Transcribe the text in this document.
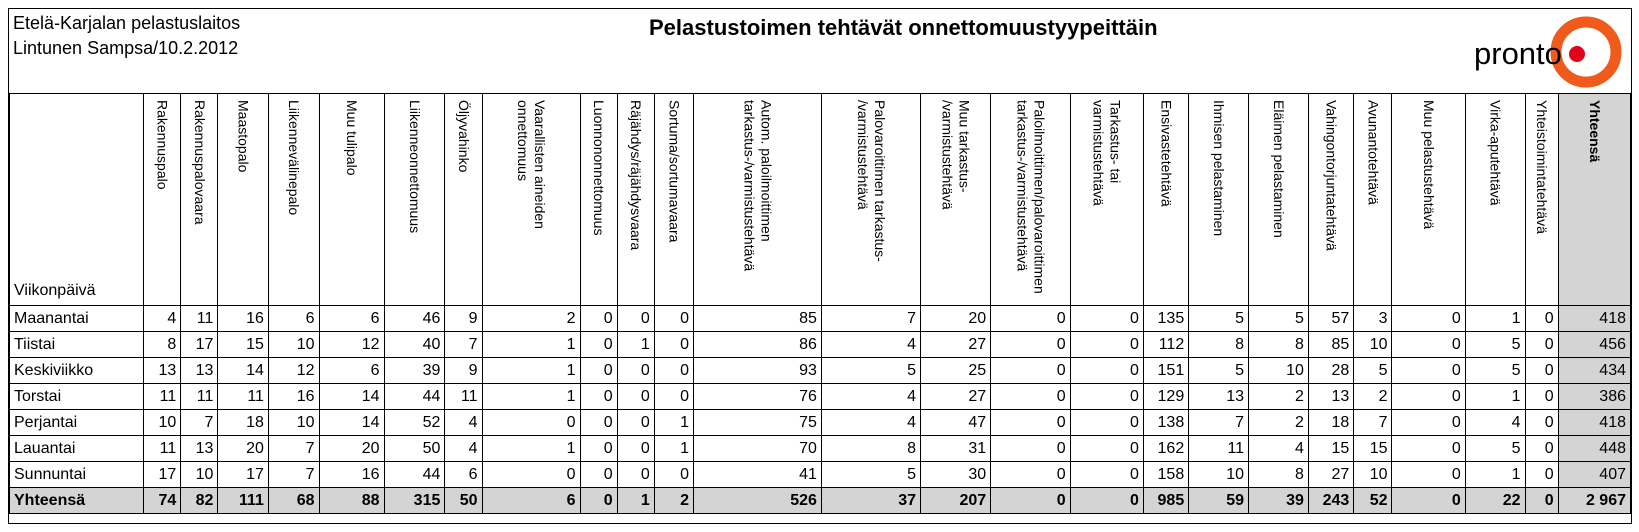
Etelä-Karjalan pelastuslaitos
Lintunen Sampsa/10.2.2012
Pelastustoimen tehtävät onnettomuustyypeittäin
pronto
Viikonpäivä	Rakennuspalo	Rakennuspalovaara	Maastopalo	Liikennevälinepalo	Muu tulipalo	Liikenneonnettomuus	Öljyvahinko	Vaarallisten aineiden
onnettomuus	Luonnononnettomuus	Räjähdys/räjähdysvaara	Sortuma/sortumavaara	Autom. paloilmoittimen
tarkastus-/varmistustehtävä	Palovaroittimen tarkastus-
/varmistustehtävä	Muu tarkastus-
/varmistustehtävä	Paloilmoittimen/palovaroittimen
tarkastus-/varmistustehtävä	Tarkastus- tai
varmistustehtävä	Ensivastetehtävä	Ihmisen pelastaminen	Eläimen pelastaminen	Vahingontorjuntatehtävä	Avunantotehtävä	Muu pelastustehtävä	Virka-aputehtävä	Yhteistoimintatehtävä	Yhteensä

Maanantai	4	11	16	6	6	46	9	2	0	0	0	85	7	20	0	0	135	5	5	57	3	0	1	0	418
Tiistai	8	17	15	10	12	40	7	1	0	1	0	86	4	27	0	0	112	8	8	85	10	0	5	0	456
Keskiviikko	13	13	14	12	6	39	9	1	0	0	0	93	5	25	0	0	151	5	10	28	5	0	5	0	434
Torstai	11	11	11	16	14	44	11	1	0	0	0	76	4	27	0	0	129	13	2	13	2	0	1	0	386
Perjantai	10	7	18	10	14	52	4	0	0	0	1	75	4	47	0	0	138	7	2	18	7	0	4	0	418
Lauantai	11	13	20	7	20	50	4	1	0	0	1	70	8	31	0	0	162	11	4	15	15	0	5	0	448
Sunnuntai	17	10	17	7	16	44	6	0	0	0	0	41	5	30	0	0	158	10	8	27	10	0	1	0	407
Yhteensä	74	82	111	68	88	315	50	6	0	1	2	526	37	207	0	0	985	59	39	243	52	0	22	0	2 967
